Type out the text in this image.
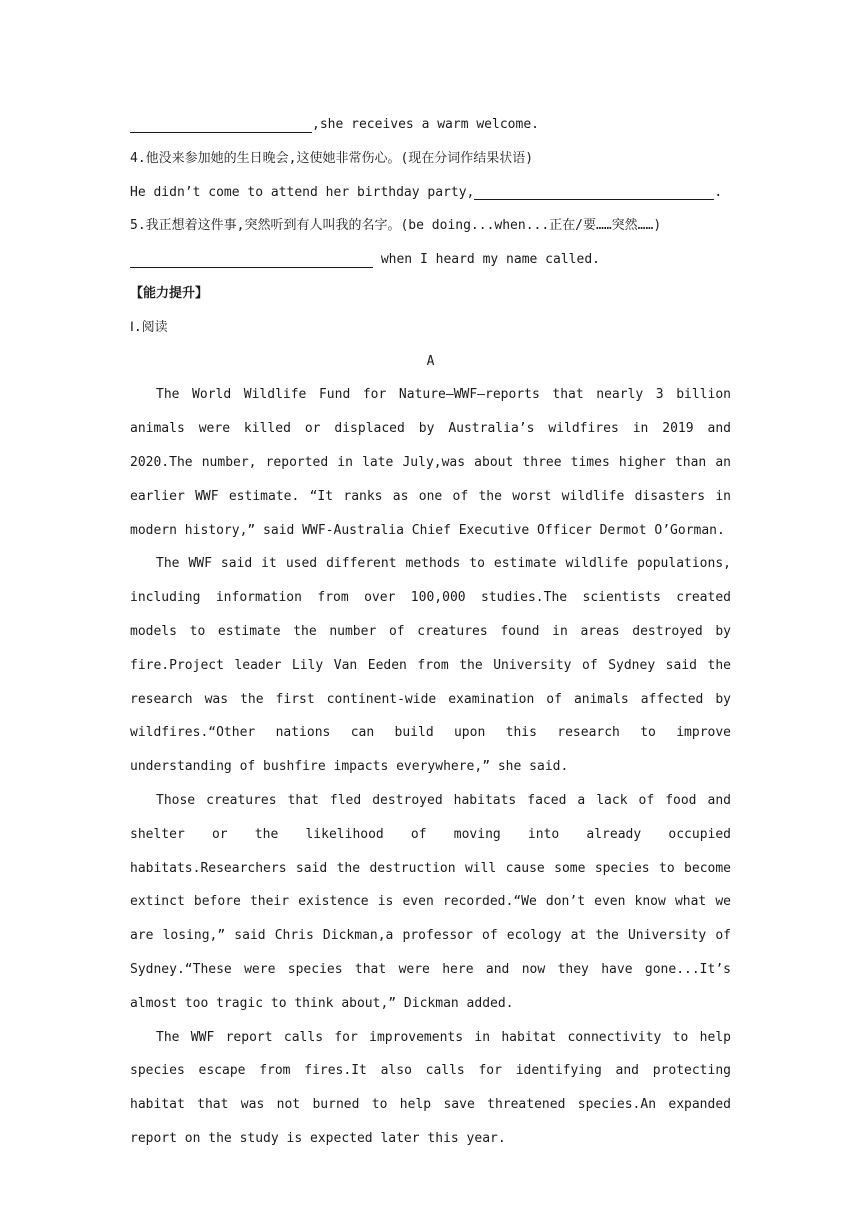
,she receives a warm welcome.
4.他没来参加她的生日晚会,这使她非常伤心。(现在分词作结果状语)
He didn’t come to attend her birthday party,	.
5.我正想着这件事,突然听到有人叫我的名字。(be doing...when...正在/要……突然……)
when I heard my name called.
【能力提升】
Ⅰ.阅读
A

The World Wildlife Fund for Nature—WWF—reports that nearly 3 billion animals were killed or displaced by Australia’s wildfires in 2019 and 2020.The number, reported in late July,was about three times higher than an earlier WWF estimate. “It ranks as one of the worst wildlife disasters in modern history,” said WWF-Australia Chief Executive Officer Dermot O’Gorman.

The WWF said it used different methods to estimate wildlife populations, including information from over 100,000 studies.The scientists created models to estimate the number of creatures found in areas destroyed by fire.Project leader Lily Van Eeden from the University of Sydney said the research was the first continent-wide examination of animals affected by wildfires.“Other nations can build upon this research to improve understanding of bushfire impacts everywhere,” she said.

Those creatures that fled destroyed habitats faced a lack of food and shelter or the likelihood of moving into already occupied habitats.Researchers said the destruction will cause some species to become extinct before their existence is even recorded.“We don’t even know what we are losing,” said Chris Dickman,a professor of ecology at the University of Sydney.“These were species that were here and now they have gone...It’s almost too tragic to think about,” Dickman added.

The WWF report calls for improvements in habitat connectivity to help species escape from fires.It also calls for identifying and protecting habitat that was not burned to help save threatened species.An expanded report on the study is expected later this year.
